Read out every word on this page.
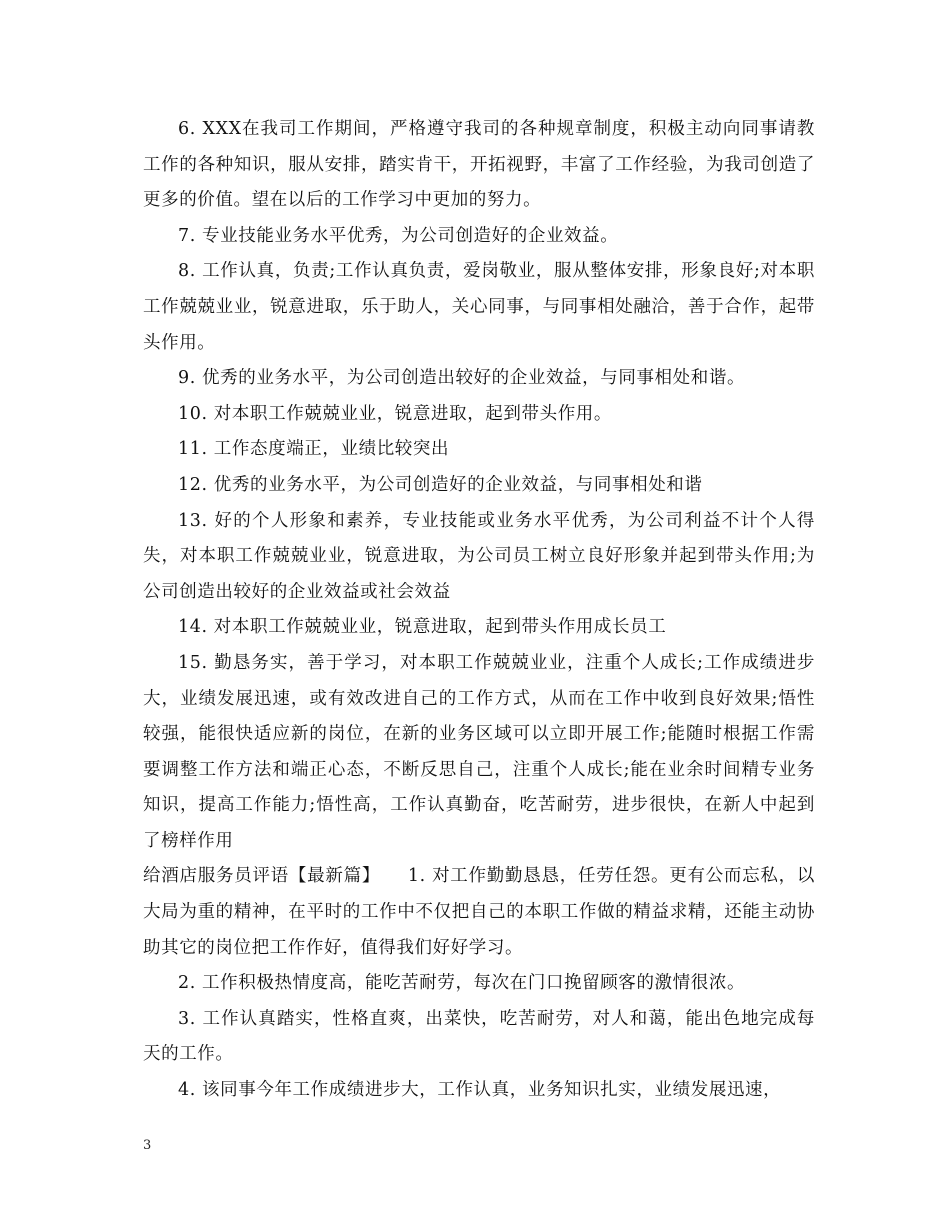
6. XXX在我司工作期间，严格遵守我司的各种规章制度，积极主动向同事请教工作的各种知识，服从安排，踏实肯干，开拓视野，丰富了工作经验，为我司创造了更多的价值。望在以后的工作学习中更加的努力。

7. 专业技能业务水平优秀，为公司创造好的企业效益。

8. 工作认真，负责;工作认真负责，爱岗敬业，服从整体安排，形象良好;对本职工作兢兢业业，锐意进取，乐于助人，关心同事，与同事相处融洽，善于合作，起带头作用。

9. 优秀的业务水平，为公司创造出较好的企业效益，与同事相处和谐。

10. 对本职工作兢兢业业，锐意进取，起到带头作用。

11. 工作态度端正，业绩比较突出

12. 优秀的业务水平，为公司创造好的企业效益，与同事相处和谐

13. 好的个人形象和素养，专业技能或业务水平优秀，为公司利益不计个人得失，对本职工作兢兢业业，锐意进取，为公司员工树立良好形象并起到带头作用;为公司创造出较好的企业效益或社会效益

14. 对本职工作兢兢业业，锐意进取，起到带头作用成长员工

15. 勤恳务实，善于学习，对本职工作兢兢业业，注重个人成长;工作成绩进步大，业绩发展迅速，或有效改进自己的工作方式，从而在工作中收到良好效果;悟性较强，能很快适应新的岗位，在新的业务区域可以立即开展工作;能随时根据工作需要调整工作方法和端正心态，不断反思自己，注重个人成长;能在业余时间精专业务知识，提高工作能力;悟性高，工作认真勤奋，吃苦耐劳，进步很快，在新人中起到了榜样作用

给酒店服务员评语【最新篇】　　1. 对工作勤勤恳恳，任劳任怨。更有公而忘私，以大局为重的精神，在平时的工作中不仅把自己的本职工作做的精益求精，还能主动协助其它的岗位把工作作好，值得我们好好学习。

2. 工作积极热情度高，能吃苦耐劳，每次在门口挽留顾客的激情很浓。

3. 工作认真踏实，性格直爽，出菜快，吃苦耐劳，对人和蔼，能出色地完成每天的工作。

4. 该同事今年工作成绩进步大，工作认真，业务知识扎实，业绩发展迅速，

3
